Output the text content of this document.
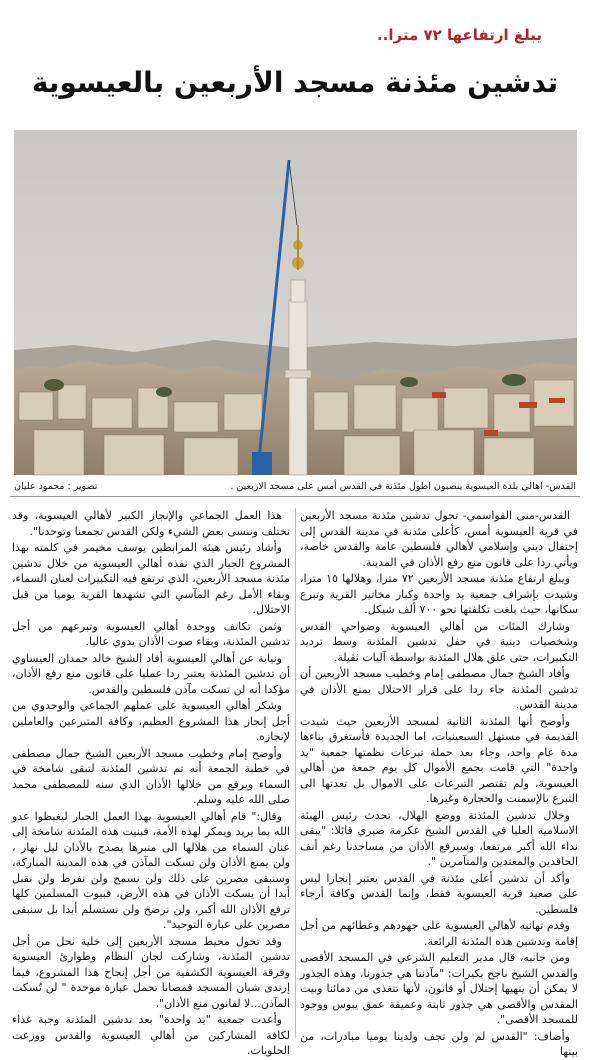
يبلغ ارتفاعها ٧٢ مترا..
تدشين مئذنة مسجد الأربعين بالعيسوية
القدس- اهالي بلدة العيسوية ينصبون اطول مئذنة في القدس أمس على مسجد الاربعين .
تصوير : محمود عليان

القدس-منى القواسمي- تحول تدشين مئذنة مسجد الأربعين في قرية العيسوية أمس، كأعلى مئذنة في مدينة القدس إلى إحتفال ديني وإسلامي لأهالي فلسطين عامة والقدس خاصة، ويأتي ردا على قانون منع رفع الأذان في المدينة.

ويبلغ ارتفاع مئذنة مسجد الأربعين ٧٢ مترا، وهلالها ١٥ مترا، وشيدت بإشراف جمعية يد واحدة وكبار مخاتير القرية وتبرع سكانها، حيث بلغت تكلفتها نحو ٧٠٠ ألف شيكل.

وشارك المئات من أهالي العيسوية وضواحي القدس وشخصيات دينية في حفل تدشين المئذنة وسط ترديد التكبيرات، حتى علق هلال المئذنة بواسطة آليات ثقيلة.

وأفاد الشيخ جمال مصطفى إمام وخطيب مسجد الأربعين أن تدشين المئذنة جاء ردا على قرار الاحتلال بمنع الأذان في مدينة القدس.

وأوضح أنها المئذنة الثانية لمسجد الأربعين حيث شيدت القديمة في مستهل السبعينيات، اما الجديدة فأستغرق بناءها مدة عام واحد، وجاء بعد حملة تبرعات نظمتها جمعية "يد واحدة" التي قامت بجمع الأموال كل يوم جمعة من أهالي العيسوية، ولم تقتصر التبرعات على الاموال بل تعدتها الى التبرع بالإسمنت والحجارة وغيرها.

وخلال تدشين المئذنة ووضع الهلال، تحدث رئيس الهيئة الاسلامية العليا في القدس الشيخ عكرمة صبري قائلا: "يبقى نداء الله أكبر مرتفعا، وسيرفع الأذان من مساجدنا رغم أنف الحاقدين والمعتدين والمتآمرين ".

وأكد أن تدشين أعلى مئذنة في القدس يعتبر إنجازا ليس على صعيد قرية العيسوية فقط، وإنما القدس وكافة أرجاء فلسطين.

وقدم تهانيه لأهالي العيسوية على جهودهم وعطائهم من أجل إقامة وتدشين هذه المئذنة الرائعة.

ومن جانبه، قال مدير التعليم الشرعي في المسجد الأقصى والقدس الشيخ ناجح بكيرات: "مآذننا هي جذورنا، وهذه الجذور لا يمكن أن ينهيها إحتلال أو قانون، لأنها تتغذى من دمائنا وبيت المقدس والأقصى هي جذور ثابتة وعميقة عمق يبوس ووجود للمسجد الأقصى".

وأضاف: "القدس لم ولن تجف ولدينا يوميا مبادرات، من بينها

هذا العمل الجماعي والإنجاز الكبير لأهالي العيسوية، وقد نختلف وننسى بعض الشيء ولكن القدس تجمعنا وتوحدنا".

وأشاد رئيس هيئة المرابطين يوسف مخيمر في كلمته بهذا المشروع الجبار الذي نفذه أهالي العيسوية من خلال تدشين مئذنة مسجد الأربعين، الذي ترتفع فيه التكبيرات لعنان السماء، وبقاء الأمل رغم المآسي التي تشهدها القرية يوميا من قبل الاحتلال.

وثمن تكاتف ووحدة أهالي العيسوية وتبرعهم من أجل تدشين المئذنة، وبقاء صوت الأذان يدوي عاليا.

ونيابة عن أهالي العيسوية أفاد الشيخ خالد حمدان العيساوي أن تدشين المئذنة يعتبر ردا عمليا على قانون منع رفع الأذان، مؤكدا أنه لن تسكت مآذن فلسطين والقدس.

وشكر أهالي العيسوية على عملهم الجماعي والوحدوي من أجل إنجاز هذا المشروع العظيم، وكافة المتبرعين والعاملين لإنجازه.

وأوضح إمام وخطيب مسجد الأربعين الشيخ جمال مصطفى في خطبة الجمعة أنه تم تدشين المئذنة لتبقى شامخة في السماء ويرفع من خلالها الأذان الذي سنه للمصطفى محمد صلى الله عليه وسلم.

وقال:" قام أهالي العيسوية بهذا العمل الجبار ليغيظوا عدو الله بما يريد ويمكر لهذه الأمة، فبنيت هذه المئذنة شامخة إلى عنان السماء من هلالها الى منبرها يصدح بالأذان ليل نهار ، ولن يمنع الأذان ولن تسكت المآذن في هذه المدينة المباركة، وسنبقى مصرين على ذلك ولن نسمح ولن نفرط ولن نقبل أبدا أن يسكت الأذان في هذه الأرض، فبيوت المسلمين كلها ترفع الأذان الله أكبر، ولن نرضخ ولن نستسلم أبدا بل سنبقى مصرين على عبارة التوحيد".

وقد تحول محيط مسجد الأربعين إلى خلية نحل من أجل تدشين المئذنة، وشاركت لجان النظام وطوارئ العيسوية وفرقة العيسوية الكشفية من أجل إنجاح هذا المشروع، فيما إرتدى شبان المسجد قمصانا تحمل عبارة موحدة " لن تُسكت المآذن...لا لقانون منع الأذان".

وأعدت جمعية "يد واحدة" بعد تدشين المئذنة وجبة غذاء لكافة المشاركين من أهالي العيسوية والقدس ووزعت الحلويات.
